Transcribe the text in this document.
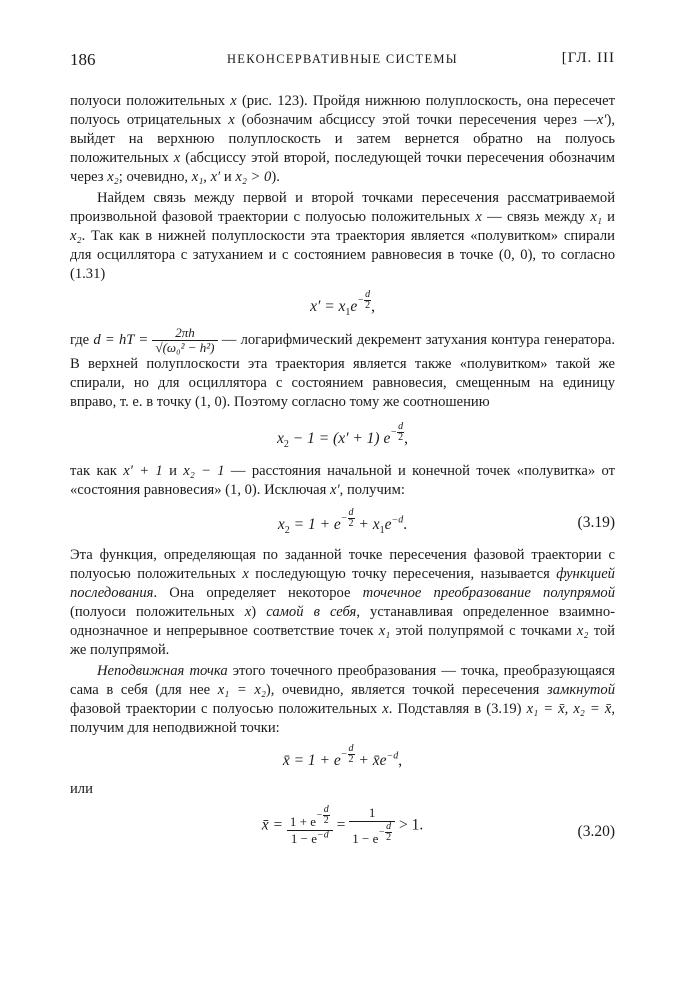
186	НЕКОНСЕРВАТИВНЫЕ СИСТЕМЫ	[ГЛ. III

полуоси положительных x (рис. 123). Пройдя нижнюю полуплоскость, она пересечет полуось отрицательных x (обозначим абсциссу этой точки пересечения через —x′), выйдет на верхнюю полуплоскость и затем вернется обратно на полуось положительных x (абсциссу этой второй, последующей точки пересечения обозначим через x₂; очевидно, x₁, x′ и x₂ > 0).

Найдем связь между первой и второй точками пересечения рассматриваемой произвольной фазовой траектории с полуосью положительных x — связь между x₁ и x₂. Так как в нижней полуплоскости эта траектория является «полувитком» спирали для осциллятора с затуханием и с состоянием равновесия в точке (0, 0), то согласно (1.31)

$x' = x_1e- \frac{d}{2}$ ,

где d = hT = $\frac{2\pi h}{\text{√(ω₀² − h²)}}$ — логарифмический декремент затухания контура генератора. В верхней полуплоскости эта траектория является также «полувитком» такой же спирали, но для осциллятора с состоянием равновесия, смещенным на единицу вправо, т. е. в точку (1, 0). Поэтому согласно тому же соотношению

$x_2 - 1 = (x' + 1)$ $e- \frac{d}{2}$ ,

так как x′ + 1 и x₂ − 1 — расстояния начальной и конечной точек «полувитка» от «состояния равновесия» (1, 0). Исключая x′, получим:

$x_2 = 1 + e- \frac{d}{2} + x_1e^{-d}$.	(3.19)

Эта функция, определяющая по заданной точке пересечения фазовой траектории с полуосью положительных x последующую точку пересечения, называется функцией последования. Она определяет некоторое точечное преобразование полупрямой (полуоси положительных x) самой в себя, устанавливая определенное взаимно-однозначное и непрерывное соответствие точек x₁ этой полупрямой с точками x₂ той же полупрямой.

Неподвижная точка этого точечного преобразования — точка, преобразующаяся сама в себя (для нее x₁ = x₂), очевидно, является точкой пересечения замкнутой фазовой траектории с полуосью положительных x. Подставляя в (3.19) x₁ = x̄, x₂ = x̄, получим для неподвижной точки:

x̄ = $1 + e- \frac{d}{2}$ + $x̄e^{-d}$,

или

x̄ = $\frac{1 + e- \frac{d}{2}}{1 - e^{-d}} = \frac{1}{1 - e- \frac{d}{2}} > 1$.	(3.20)
